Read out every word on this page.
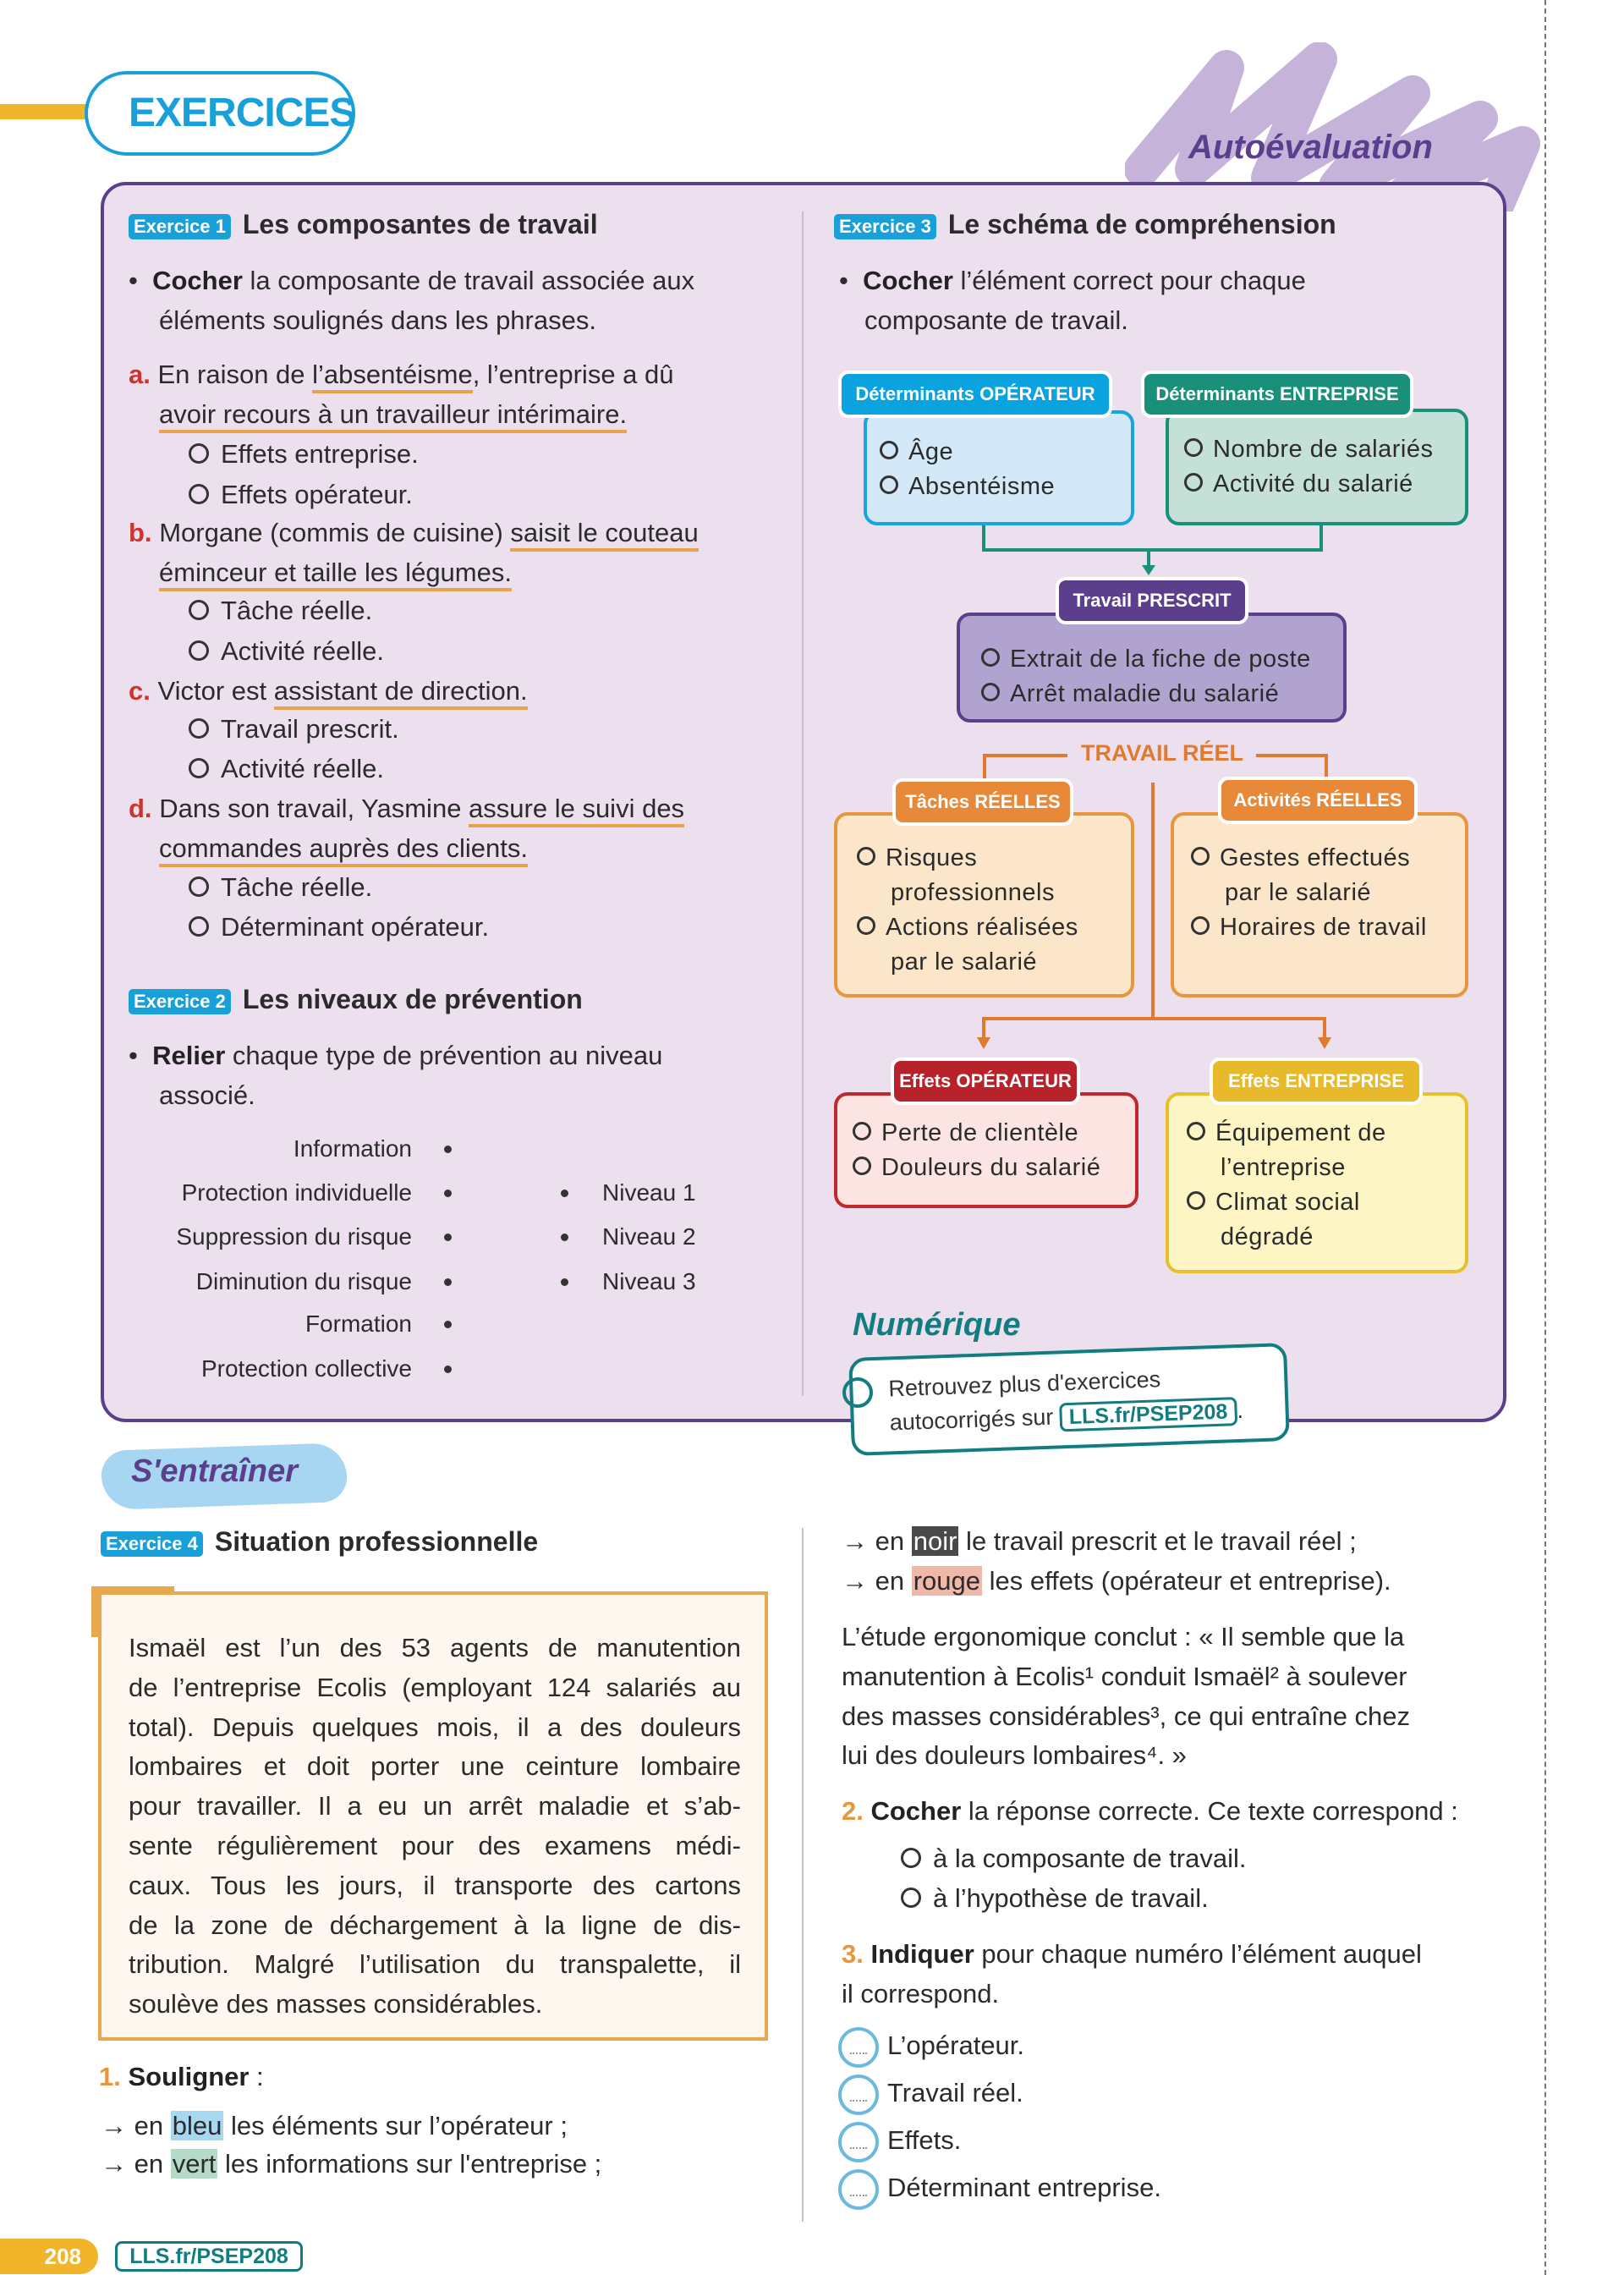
EXERCICES
Autoévaluation
Exercice 1 Les composantes de travail
•  Cocher la composante de travail associée aux
éléments soulignés dans les phrases.
a. En raison de l’absentéisme, l’entreprise a dû
avoir recours à un travailleur intérimaire.
Effets entreprise.
Effets opérateur.
b. Morgane (commis de cuisine) saisit le couteau
éminceur et taille les légumes.
Tâche réelle.
Activité réelle.
c. Victor est assistant de direction.
Travail prescrit.
Activité réelle.
d. Dans son travail, Yasmine assure le suivi des
commandes auprès des clients.
Tâche réelle.
Déterminant opérateur.
Exercice 2 Les niveaux de prévention
•  Relier chaque type de prévention au niveau
associé.
Information
Protection individuelle
Suppression du risque
Diminution du risque
Formation
Protection collective
Niveau 1
Niveau 2
Niveau 3
Exercice 3 Le schéma de compréhension
•  Cocher l’élément correct pour chaque
composante de travail.
Déterminants OPÉRATEUR
Âge
Absentéisme
Déterminants ENTREPRISE
Nombre de salariés
Activité du salarié
Travail PRESCRIT
Extrait de la fiche de poste
Arrêt maladie du salarié
TRAVAIL RÉEL
Tâches RÉELLES
Risques
professionnels
Actions réalisées
par le salarié
Activités RÉELLES
Gestes effectués
par le salarié
Horaires de travail
Effets OPÉRATEUR
Perte de clientèle
Douleurs du salarié
Effets ENTREPRISE
Équipement de
l’entreprise
Climat social
dégradé
Numérique
Retrouvez plus d'exercices
autocorrigés sur LLS.fr/PSEP208 .
S'entraîner
Exercice 4 Situation professionnelle
Ismaël est l’un des 53 agents de manutention
de l’entreprise Ecolis (employant 124 salariés au
total). Depuis quelques mois, il a des douleurs
lombaires et doit porter une ceinture lombaire
pour travailler. Il a eu un arrêt maladie et s’ab-
sente régulièrement pour des examens médi-
caux. Tous les jours, il transporte des cartons
de la zone de déchargement à la ligne de dis-
tribution. Malgré l’utilisation du transpalette, il
soulève des masses considérables.
1. Souligner :
→ en bleu les éléments sur l’opérateur ;
→ en vert les informations sur l'entreprise ;
→ en noir le travail prescrit et le travail réel ;
→ en rouge les effets (opérateur et entreprise).
L’étude ergonomique conclut : « Il semble que la
manutention à Ecolis¹ conduit Ismaël² à soulever
des masses considérables³, ce qui entraîne chez
lui des douleurs lombaires⁴. »
2. Cocher la réponse correcte. Ce texte correspond :
à la composante de travail.
à l’hypothèse de travail.
3. Indiquer pour chaque numéro l’élément auquel
il correspond.
L’opérateur.
Travail réel.
Effets.
Déterminant entreprise.
208	LLS.fr/PSEP208
